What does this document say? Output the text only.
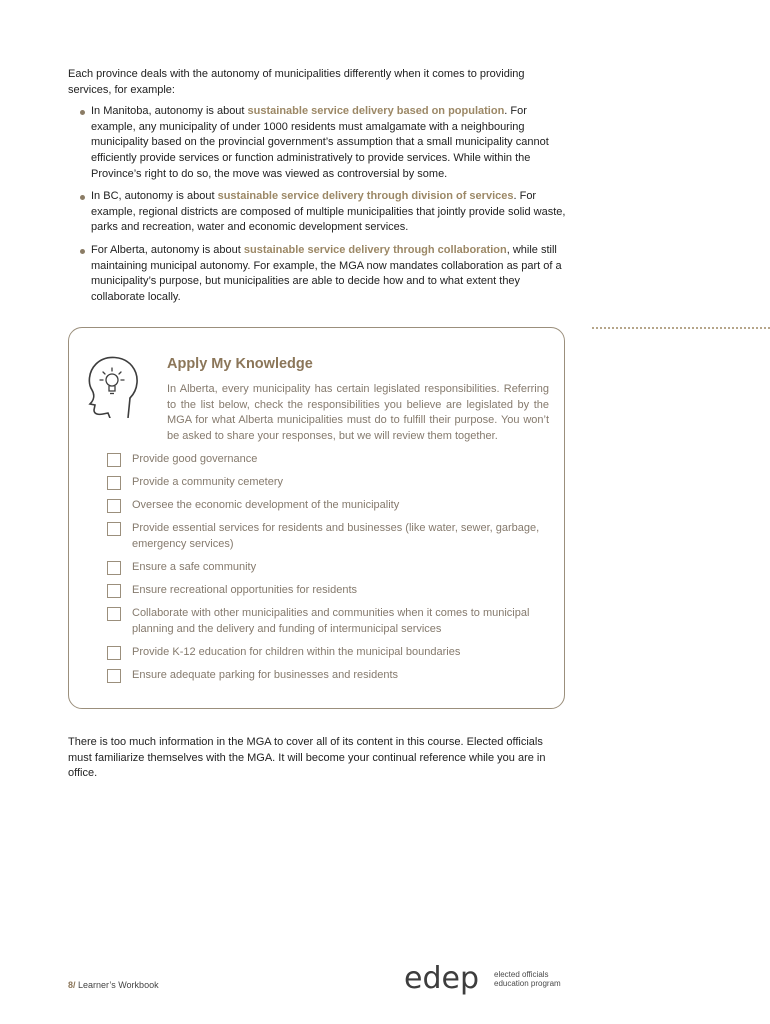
Each province deals with the autonomy of municipalities differently when it comes to providing services, for example:

In Manitoba, autonomy is about sustainable service delivery based on population. For example, any municipality of under 1000 residents must amalgamate with a neighbouring municipality based on the provincial government’s assumption that a small municipality cannot efficiently provide services or function administratively to provide services. While within the Province’s right to do so, the move was viewed as controversial by some.
In BC, autonomy is about sustainable service delivery through division of services. For example, regional districts are composed of multiple municipalities that jointly provide solid waste, parks and recreation, water and economic development services.
For Alberta, autonomy is about sustainable service delivery through collaboration, while still maintaining municipal autonomy. For example, the MGA now mandates collaboration as part of a municipality’s purpose, but municipalities are able to decide how and to what extent they collaborate locally.
Apply My Knowledge

In Alberta, every municipality has certain legislated responsibilities. Referring to the list below, check the responsibilities you believe are legislated by the MGA for what Alberta municipalities must do to fulfill their purpose. You won’t be asked to share your responses, but we will review them together.

Provide good governance
Provide a community cemetery
Oversee the economic development of the municipality
Provide essential services for residents and businesses (like water, sewer, garbage, emergency services)
Ensure a safe community
Ensure recreational opportunities for residents
Collaborate with other municipalities and communities when it comes to municipal planning and the delivery and funding of intermunicipal services
Provide K-12 education for children within the municipal boundaries
Ensure adequate parking for businesses and residents

There is too much information in the MGA to cover all of its content in this course. Elected officials must familiarize themselves with the MGA. It will become your continual reference while you are in office.

8/ Learner’s Workbook	edep elected officials
education program
